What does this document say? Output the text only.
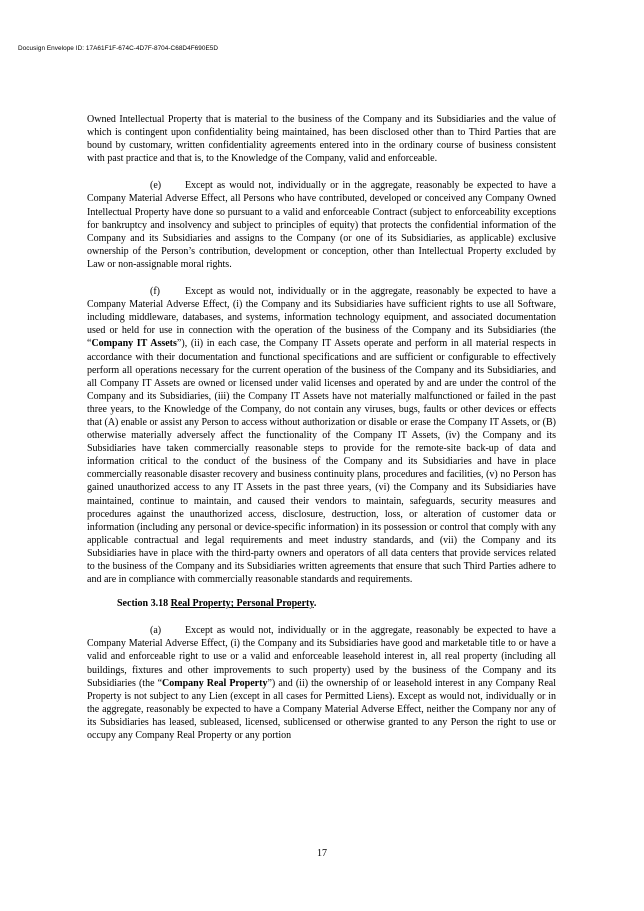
Docusign Envelope ID: 17A61F1F-674C-4D7F-8704-C68D4F690E5D

Owned Intellectual Property that is material to the business of the Company and its Subsidiaries and the value of which is contingent upon confidentiality being maintained, has been disclosed other than to Third Parties that are bound by customary, written confidentiality agreements entered into in the ordinary course of business consistent with past practice and that is, to the Knowledge of the Company, valid and enforceable.

(e) Except as would not, individually or in the aggregate, reasonably be expected to have a Company Material Adverse Effect, all Persons who have contributed, developed or conceived any Company Owned Intellectual Property have done so pursuant to a valid and enforceable Contract (subject to enforceability exceptions for bankruptcy and insolvency and subject to principles of equity) that protects the confidential information of the Company and its Subsidiaries and assigns to the Company (or one of its Subsidiaries, as applicable) exclusive ownership of the Person’s contribution, development or conception, other than Intellectual Property excluded by Law or non-assignable moral rights.

(f)	Except as would not, individually or in the aggregate, reasonably be expected to have a Company Material Adverse Effect, (i) the Company and its Subsidiaries have sufficient rights to use all Software, including middleware, databases, and systems, information technology equipment, and associated documentation used or held for use in connection with the operation of the business of the Company and its Subsidiaries (the “Company IT Assets”), (ii) in each case, the Company IT Assets operate and perform in all material respects in accordance with their documentation and functional specifications and are sufficient or configurable to effectively perform all operations necessary for the current operation of the business of the Company and its Subsidiaries, and all Company IT Assets are owned or licensed under valid licenses and operated by and are under the control of the Company and its Subsidiaries, (iii) the Company IT Assets have not materially malfunctioned or failed in the past three years, to the Knowledge of the Company, do not contain any viruses, bugs, faults or other devices or effects that (A) enable or assist any Person to access without authorization or disable or erase the Company IT Assets, or (B) otherwise materially adversely affect the functionality of the Company IT Assets, (iv) the Company and its Subsidiaries have taken commercially reasonable steps to provide for the remote-site back-up of data and information critical to the conduct of the business of the Company and its Subsidiaries and have in place commercially reasonable disaster recovery and business continuity plans, procedures and facilities, (v) no Person has gained unauthorized access to any IT Assets in the past three years, (vi) the Company and its Subsidiaries have maintained, continue to maintain, and caused their vendors to maintain, safeguards, security measures and procedures against the unauthorized access, disclosure, destruction, loss, or alteration of customer data or information (including any personal or device-specific information) in its possession or control that comply with any applicable contractual and legal requirements and meet industry standards, and (vii) the Company and its Subsidiaries have in place with the third-party owners and operators of all data centers that provide services related to the business of the Company and its Subsidiaries written agreements that ensure that such Third Parties adhere to and are in compliance with commercially reasonable standards and requirements.

Section 3.18 Real Property; Personal Property.

(a) Except as would not, individually or in the aggregate, reasonably be expected to have a Company Material Adverse Effect, (i) the Company and its Subsidiaries have good and marketable title to or have a valid and enforceable right to use or a valid and enforceable leasehold interest in, all real property (including all buildings, fixtures and other improvements to such property) used by the business of the Company and its Subsidiaries (the “Company Real Property”) and (ii) the ownership of or leasehold interest in any Company Real Property is not subject to any Lien (except in all cases for Permitted Liens). Except as would not, individually or in the aggregate, reasonably be expected to have a Company Material Adverse Effect, neither the Company nor any of its Subsidiaries has leased, subleased, licensed, sublicensed or otherwise granted to any Person the right to use or occupy any Company Real Property or any portion

17
